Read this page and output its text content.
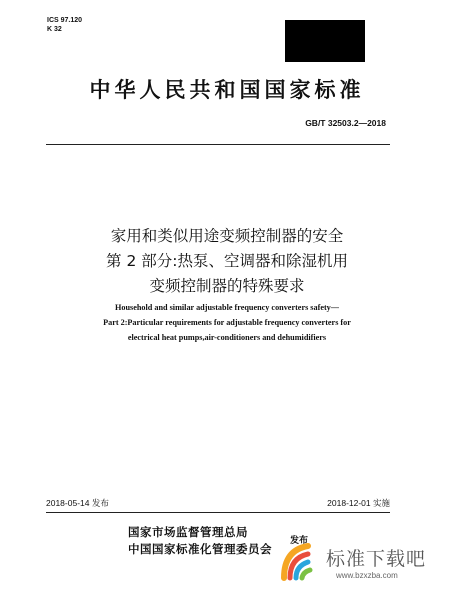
ICS 97.120
K 32
中华人民共和国国家标准
GB/T 32503.2—2018
家用和类似用途变频控制器的安全
第 2 部分:热泵、空调器和除湿机用
变频控制器的特殊要求
Household and similar adjustable frequency converters safety—
Part 2:Particular requirements for adjustable frequency converters for
electrical heat pumps,air-conditioners and dehumidifiers
2018-05-14 发布	2018-12-01 实施
国家市场监督管理总局
中国国家标准化管理委员会
发布
标准下载吧
www.bzxzba.com
